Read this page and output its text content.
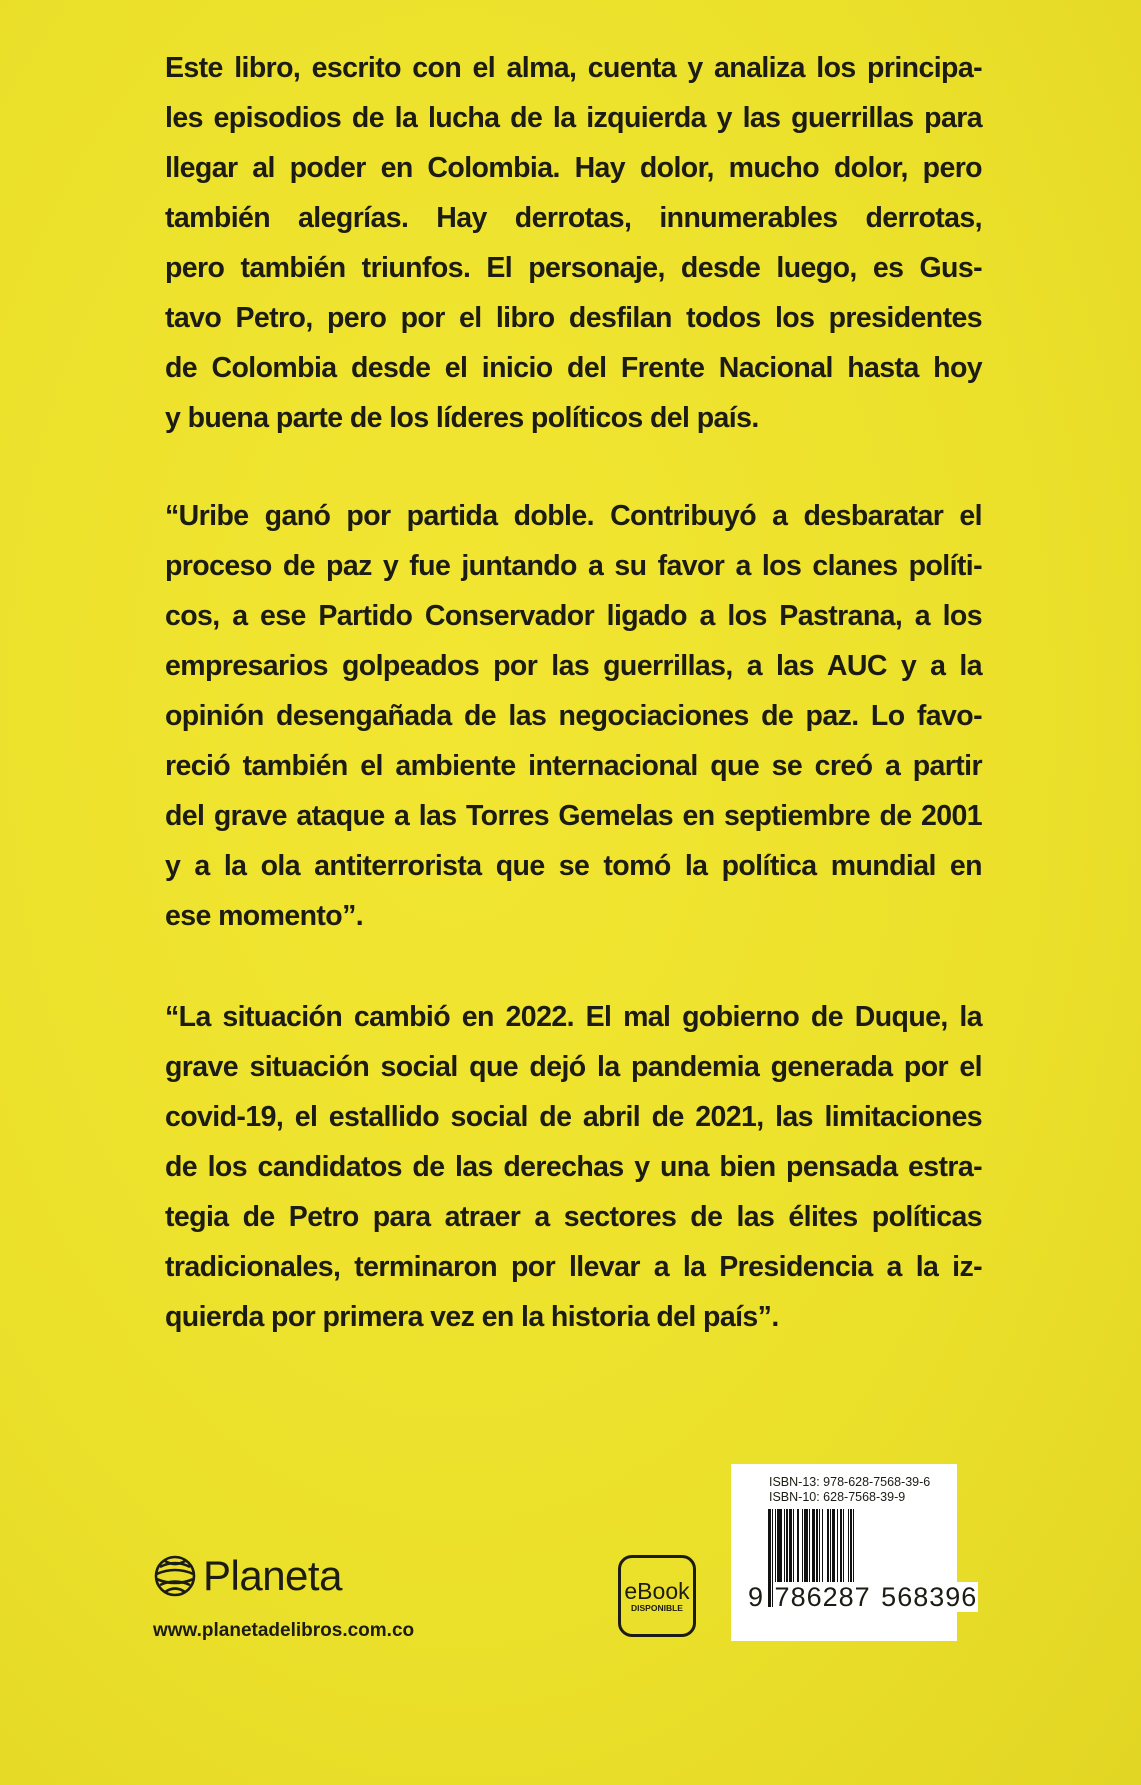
Este libro, escrito con el alma, cuenta y analiza los principa-
les episodios de la lucha de la izquierda y las guerrillas para
llegar al poder en Colombia. Hay dolor, mucho dolor, pero
también alegrías. Hay derrotas, innumerables derrotas,
pero también triunfos. El personaje, desde luego, es Gus-
tavo Petro, pero por el libro desfilan todos los presidentes
de Colombia desde el inicio del Frente Nacional hasta hoy
y buena parte de los líderes políticos del país.
“Uribe ganó por partida doble. Contribuyó a desbaratar el
proceso de paz y fue juntando a su favor a los clanes políti-
cos, a ese Partido Conservador ligado a los Pastrana, a los
empresarios golpeados por las guerrillas, a las AUC y a la
opinión desengañada de las negociaciones de paz. Lo favo-
reció también el ambiente internacional que se creó a partir
del grave ataque a las Torres Gemelas en septiembre de 2001
y a la ola antiterrorista que se tomó la política mundial en
ese momento”.
“La situación cambió en 2022. El mal gobierno de Duque, la
grave situación social que dejó la pandemia generada por el
covid-19, el estallido social de abril de 2021, las limitaciones
de los candidatos de las derechas y una bien pensada estra-
tegia de Petro para atraer a sectores de las élites políticas
tradicionales, terminaron por llevar a la Presidencia a la iz-
quierda por primera vez en la historia del país”.
Planeta
www.planetadelibros.com.co
eBook
DISPONIBLE
ISBN-13: 978-628-7568-39-6
ISBN-10: 628-7568-39-9
9 786287 568396
